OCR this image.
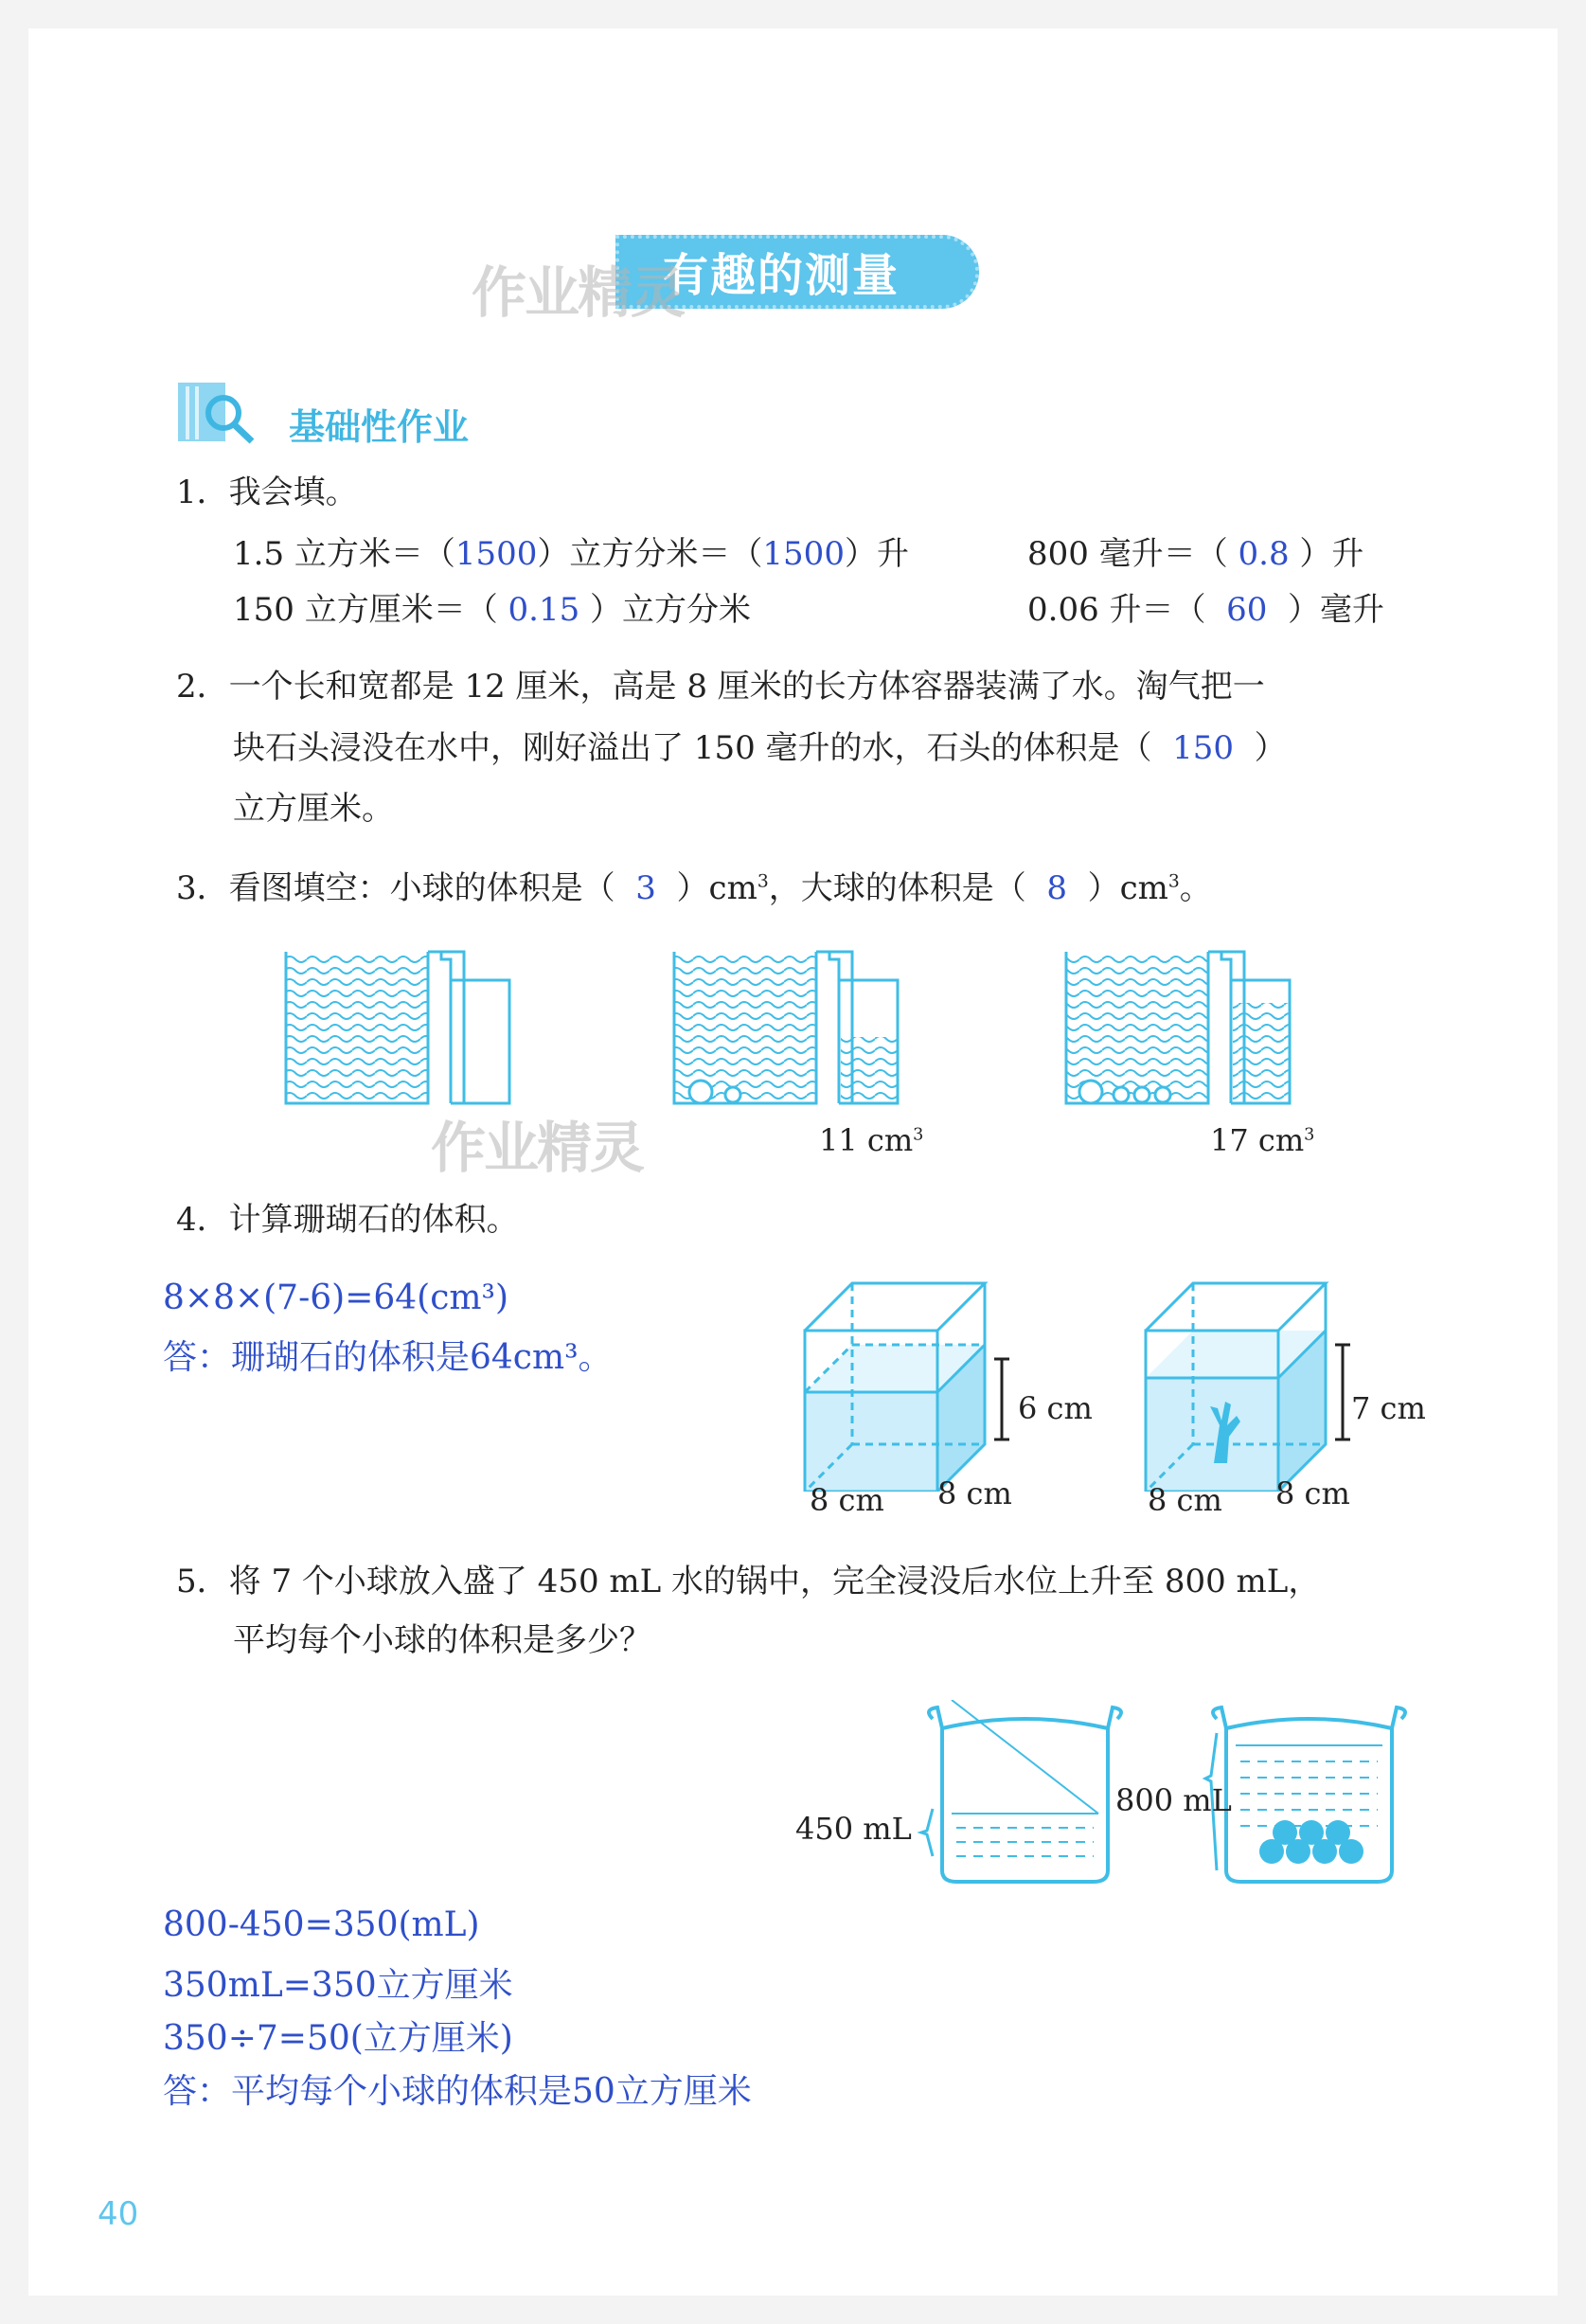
有趣的测量
作业精灵
基础性作业
1．我会填。
1.5 立方米＝（1500）立方分米＝（1500）升	800 毫升＝（ 0.8 ）升
150 立方厘米＝（ 0.15 ）立方分米	0.06 升＝（ 60 ）毫升
2．一个长和宽都是 12 厘米，高是 8 厘米的长方体容器装满了水。淘气把一
块石头浸没在水中，刚好溢出了 150 毫升的水，石头的体积是（ 150 ）
立方厘米。
3．看图填空：小球的体积是（ 3 ）$cm^3$，大球的体积是（ 8 ）$cm^3$。
11 $cm^3$	17 $cm^3$
作业精灵
4．计算珊瑚石的体积。
8×8×(7-6)=64(cm³)
答：珊瑚石的体积是64cm³。
6 cm
8 cm 8 cm
7 cm
8 cm 8 cm
5．将 7 个小球放入盛了 450 mL 水的锅中，完全浸没后水位上升至 800 mL，
平均每个小球的体积是多少？
450 mL
800 mL
800-450=350(mL)
350mL=350立方厘米
350÷7=50(立方厘米)
答：平均每个小球的体积是50立方厘米
40
